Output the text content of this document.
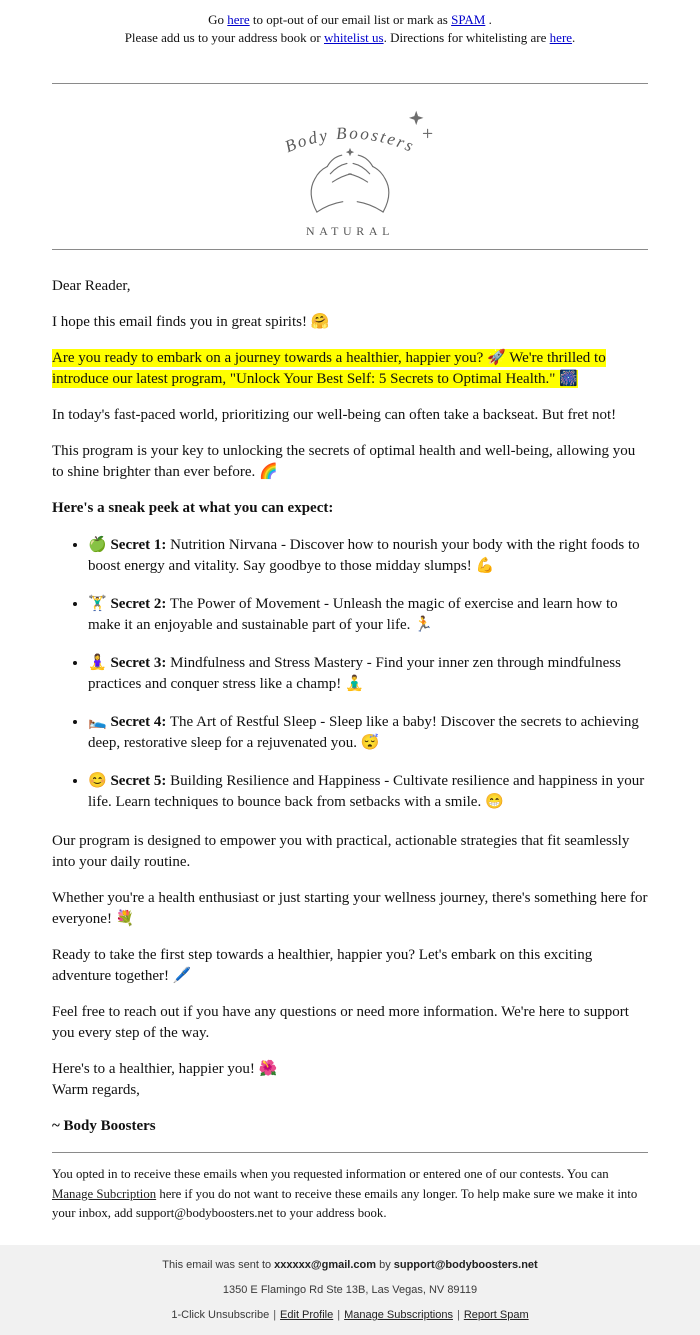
Go here to opt-out of our email list or mark as SPAM .
Please add us to your address book or whitelist us. Directions for whitelisting are here.
Body Boosters
NATURAL

Dear Reader,

I hope this email finds you in great spirits! 🤗

Are you ready to embark on a journey towards a healthier, happier you? 🚀 We're thrilled to introduce our latest program, "Unlock Your Best Self: 5 Secrets to Optimal Health." 🎆

In today's fast-paced world, prioritizing our well-being can often take a backseat. But fret not!

This program is your key to unlocking the secrets of optimal health and well-being, allowing you to shine brighter than ever before. 🌈

Here's a sneak peek at what you can expect:

• 🍏 Secret 1: Nutrition Nirvana - Discover how to nourish your body with the right foods to boost energy and vitality. Say goodbye to those midday slumps! 💪
• 🏋️‍♂️ Secret 2: The Power of Movement - Unleash the magic of exercise and learn how to make it an enjoyable and sustainable part of your life. 🏃
• 🧘‍♀️ Secret 3: Mindfulness and Stress Mastery - Find your inner zen through mindfulness practices and conquer stress like a champ! 🧘‍♂️
• 🛌 Secret 4: The Art of Restful Sleep - Sleep like a baby! Discover the secrets to achieving deep, restorative sleep for a rejuvenated you. 😴
• 😊 Secret 5: Building Resilience and Happiness - Cultivate resilience and happiness in your life. Learn techniques to bounce back from setbacks with a smile. 😁

Our program is designed to empower you with practical, actionable strategies that fit seamlessly into your daily routine.

Whether you're a health enthusiast or just starting your wellness journey, there's something here for everyone! 💐

Ready to take the first step towards a healthier, happier you? Let's embark on this exciting adventure together! 🖊️

Feel free to reach out if you have any questions or need more information. We're here to support you every step of the way.

Here's to a healthier, happier you! 🌺
Warm regards,

~ Body Boosters

You opted in to receive these emails when you requested information or entered one of our contests. You can Manage Subcription here if you do not want to receive these emails any longer. To help make sure we make it into your inbox, add support@bodyboosters.net to your address book.

This email was sent to xxxxxx@gmail.com by support@bodyboosters.net

1350 E Flamingo Rd Ste 13B, Las Vegas, NV 89119

1-Click Unsubscribe | Edit Profile | Manage Subscriptions | Report Spam
